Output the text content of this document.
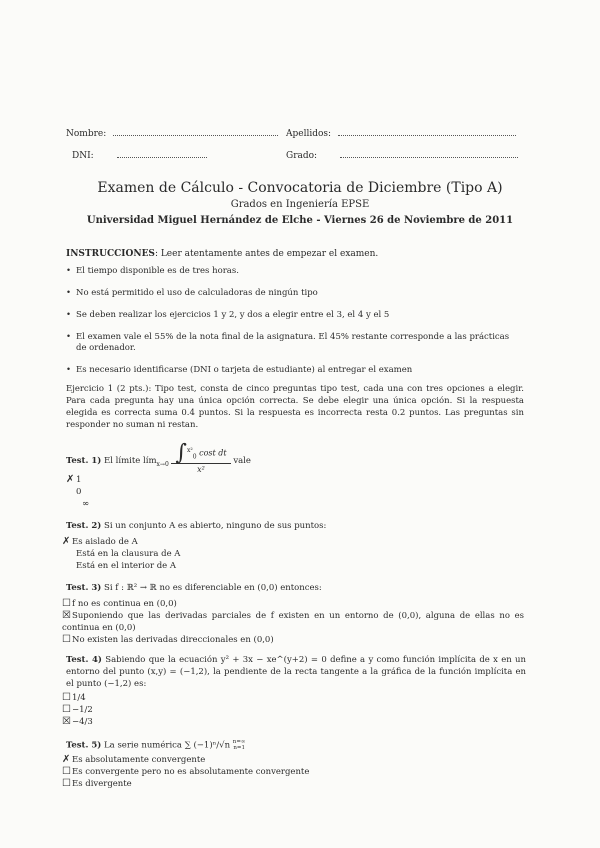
Nombre:	Apellidos:
DNI:	Grado:
Examen de Cálculo - Convocatoria de Diciembre (Tipo A)
Grados en Ingeniería EPSE
Universidad Miguel Hernández de Elche - Viernes 26 de Noviembre de 2011
INSTRUCCIONES: Leer atentamente antes de empezar el examen.
• El tiempo disponible es de tres horas.
• No está permitido el uso de calculadoras de ningún tipo
• Se deben realizar los ejercicios 1 y 2, y dos a elegir entre el 3, el 4 y el 5
• El examen vale el 55% de la nota final de la asignatura. El 45% restante corresponde a las prácticas de ordenador.
• Es necesario identificarse (DNI o tarjeta de estudiante) al entregar el examen
Ejercicio 1 (2 pts.): Tipo test, consta de cinco preguntas tipo test, cada una con tres opciones a elegir. Para cada pregunta hay una única opción correcta. Se debe elegir una única opción. Si la respuesta elegida es correcta suma 0.4 puntos. Si la respuesta es incorrecta resta 0.2 puntos. Las preguntas sin responder no suman ni restan.
Test. 1) El límite lím$_{x\to 0}$ $\frac{\int^{x^2}_0 \cos t dt}{\text{x²}}$ vale
✗ 1
0
∞
Test. 2) Si un conjunto A es abierto, ninguno de sus puntos:
✗ Es aislado de A
Está en la clausura de A
Está en el interior de A
Test. 3) Si f : ℝ² → ℝ no es diferenciable en (0,0) entonces:
☐f no es continua en (0,0)
☒Suponiendo que las derivadas parciales de f existen en un entorno de (0,0), alguna de ellas no es continua en (0,0)
☐No existen las derivadas direccionales en (0,0)
Test. 4) Sabiendo que la ecuación y² + 3x − xe^(y+2) = 0 define a y como función implícita de x en un entorno del punto (x,y) = (−1,2), la pendiente de la recta tangente a la gráfica de la función implícita en el punto (−1,2) es:
☐1/4
☐−1/2
☒−4/3
Test. 5) La serie numérica ∑ (−1)ⁿ/√n n=∞
n=1
✗ Es absolutamente convergente
☐Es convergente pero no es absolutamente convergente
☐Es divergente
